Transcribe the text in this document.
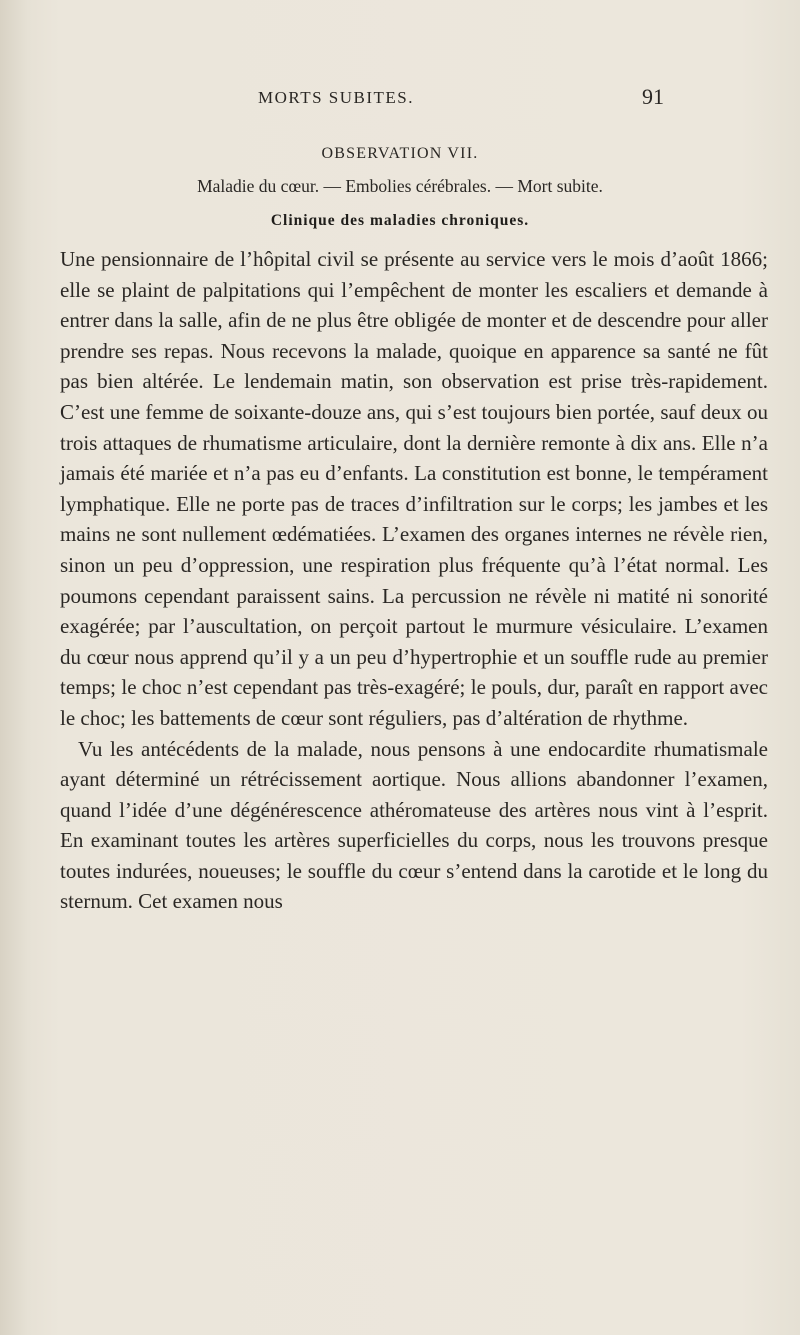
MORTS SUBITES.	91
OBSERVATION VII.
Maladie du cœur. — Embolies cérébrales. — Mort subite.
Clinique des maladies chroniques.

Une pensionnaire de l’hôpital civil se présente au service vers le mois d’août 1866; elle se plaint de palpitations qui l’empêchent de monter les escaliers et demande à entrer dans la salle, afin de ne plus être obligée de monter et de descendre pour aller prendre ses repas. Nous recevons la malade, quoique en apparence sa santé ne fût pas bien altérée. Le lendemain matin, son observation est prise très-rapidement. C’est une femme de soixante-douze ans, qui s’est toujours bien portée, sauf deux ou trois attaques de rhumatisme articulaire, dont la dernière remonte à dix ans. Elle n’a jamais été mariée et n’a pas eu d’enfants. La constitution est bonne, le tempérament lymphatique. Elle ne porte pas de traces d’infiltration sur le corps; les jambes et les mains ne sont nullement œdématiées. L’examen des organes internes ne révèle rien, sinon un peu d’oppression, une respiration plus fréquente qu’à l’état normal. Les poumons cependant paraissent sains. La percussion ne révèle ni matité ni sonorité exagérée; par l’auscultation, on perçoit partout le murmure vésiculaire. L’examen du cœur nous apprend qu’il y a un peu d’hypertrophie et un souffle rude au premier temps; le choc n’est cependant pas très-exagéré; le pouls, dur, paraît en rapport avec le choc; les battements de cœur sont réguliers, pas d’altération de rhythme.

Vu les antécédents de la malade, nous pensons à une endocardite rhumatismale ayant déterminé un rétrécissement aortique. Nous allions abandonner l’examen, quand l’idée d’une dégénérescence athéromateuse des artères nous vint à l’esprit. En examinant toutes les artères superficielles du corps, nous les trouvons presque toutes indurées, noueuses; le souffle du cœur s’entend dans la carotide et le long du sternum. Cet examen nous
